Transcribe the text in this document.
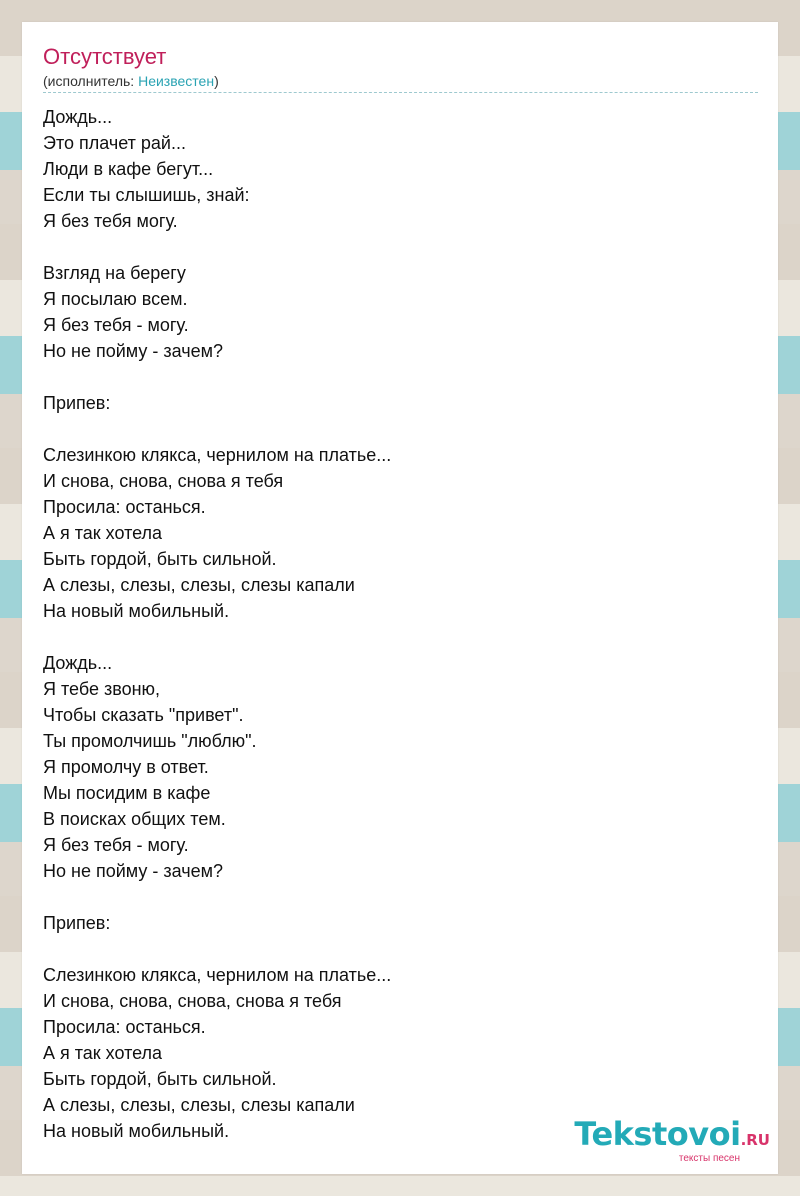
Отсутствует
(исполнитель: Неизвестен)
Дождь...
Это плачет рай...
Люди в кафе бегут...
Если ты слышишь, знай:
Я без тебя могу.
Взгляд на берегу
Я посылаю всем.
Я без тебя - могу.
Но не пойму - зачем?
Припев:
Слезинкою клякса, чернилом на платье...
И снова, снова, снова я тебя
Просила: останься.
А я так хотела
Быть гордой, быть сильной.
А слезы, слезы, слезы, слезы капали
На новый мобильный.
Дождь...
Я тебе звоню,
Чтобы сказать "привет".
Ты промолчишь "люблю".
Я промолчу в ответ.
Мы посидим в кафе
В поисках общих тем.
Я без тебя - могу.
Но не пойму - зачем?
Припев:
Слезинкою клякса, чернилом на платье...
И снова, снова, снова, снова я тебя
Просила: останься.
А я так хотела
Быть гордой, быть сильной.
А слезы, слезы, слезы, слезы капали
На новый мобильный.	Tekstovoi.RU
тексты песен
